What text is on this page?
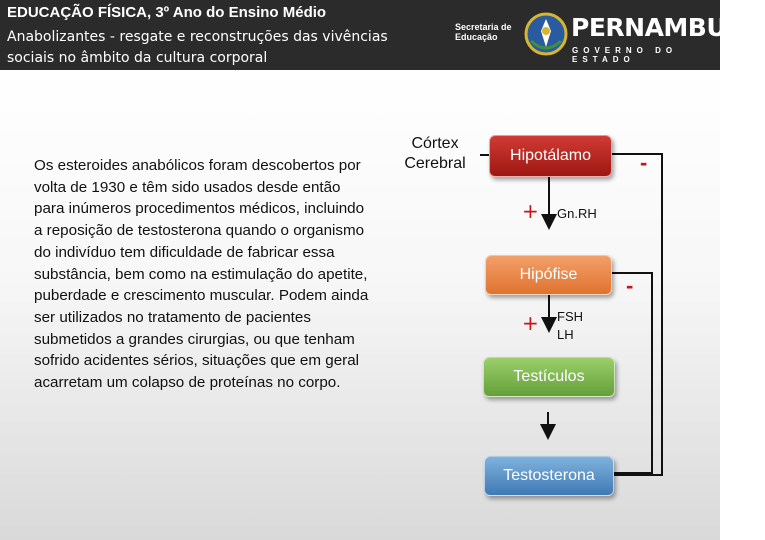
EDUCAÇÃO FÍSICA, 3º Ano do Ensino Médio
Anabolizantes - resgate e reconstruções das vivências sociais no âmbito da cultura corporal
Secretaria de Educação	PERNAMBUCO
GOVERNO DO ESTADO
Os esteroides anabólicos foram descobertos por volta de 1930 e têm sido usados desde então para inúmeros procedimentos médicos, incluindo a reposição de testosterona quando o organismo do indivíduo tem dificuldade de fabricar essa substância, bem como na estimulação do apetite, puberdade e crescimento muscular. Podem ainda ser utilizados no tratamento de pacientes submetidos a grandes cirurgias, ou que tenham sofrido acidentes sérios, situações que em geral acarretam um colapso de proteínas no corpo.
Córtex Cerebral	Hipotálamo
+ Gn.RH
Hipófise
+ FSH
LH
Testículos
Testosterona
-
-
